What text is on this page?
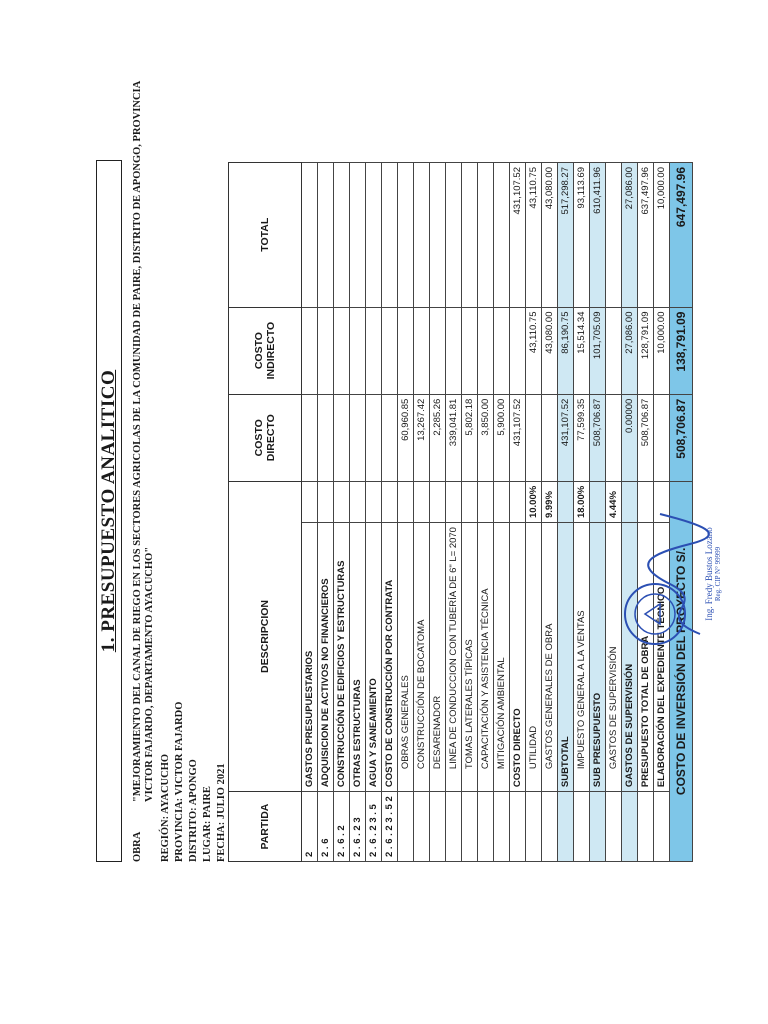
1. PRESUPUESTO ANALITICO
OBRA"MEJORAMIENTO DEL CANAL DE RIEGO EN LOS SECTORES AGRICOLAS DE LA COMUNIDAD DE PAIRE, DISTRITO DE APONGO, PROVINCIA VICTOR FAJARDO, DEPARTAMENTO AYACUCHO"
REGIÓN: AYACUCHO PROVINCIA: VICTOR FAJARDO DISTRITO: APONGO LUGAR: PAIRE FECHA: JULIO 2021	PARTIDA	DESCRIPCION		COSTO DIRECTO	COSTO INDIRECTO	TOTAL
2	GASTOS PRESUPUESTARIOS				
2 . 6	ADQUISICION DE ACTIVOS NO FINANCIEROS				
2 . 6 . 2	CONSTRUCCIÓN DE EDIFICIOS Y ESTRUCTURAS				
2 . 6 . 2 3	OTRAS ESTRUCTURAS				
2 . 6 . 2 3 . 5	AGUA Y SANEAMIENTO				
2 . 6 . 2 3 . 5 2	COSTO DE CONSTRUCCIÓN POR CONTRATA				
	OBRAS GENERALES		60,960.85		
	CONSTRUCCIÓN DE BOCATOMA		13,267.42		
	DESARENADOR		2,285.26		
	LINEA DE CONDUCCION CON TUBERÍA DE 6" L= 2070		339,041.81		
	TOMAS LATERALES TÍPICAS		5,802.18		
	CAPACITACIÓN Y ASISTENCIA TÉCNICA		3,850.00		
	MITIGACIÓN AMBIENTAL		5,900.00		
	COSTO DIRECTO		431,107.52		431,107.52
	UTILIDAD	10.00%		43,110.75	43,110.75
	GASTOS GENERALES DE OBRA	9.99%		43,080.00	43,080.00
	SUBTOTAL		431,107.52	86,190.75	517,298.27
	IMPUESTO GENERAL A LA VENTAS	18.00%	77,599.35	15,514.34	93,113.69
	SUB PRESUPUESTO		508,706.87	101,705.09	610,411.96
	GASTOS DE SUPERVISIÓN	4.44%			
	GASTOS DE SUPERVISIÓN		0.00000	27,086.00	27,086.00
	PRESUPUESTO TOTAL DE OBRA		508,706.87	128,791.09	637,497.96
	ELABORACIÓN DEL EXPEDIENTE TÉCNICO			10,000.00	10,000.00
COSTO DE INVERSIÓN DEL PROYECTO S/.			508,706.87	138,791.09	647,497.96
Ing. Fredy Bustos Lozano Reg. CIP N° 99999
